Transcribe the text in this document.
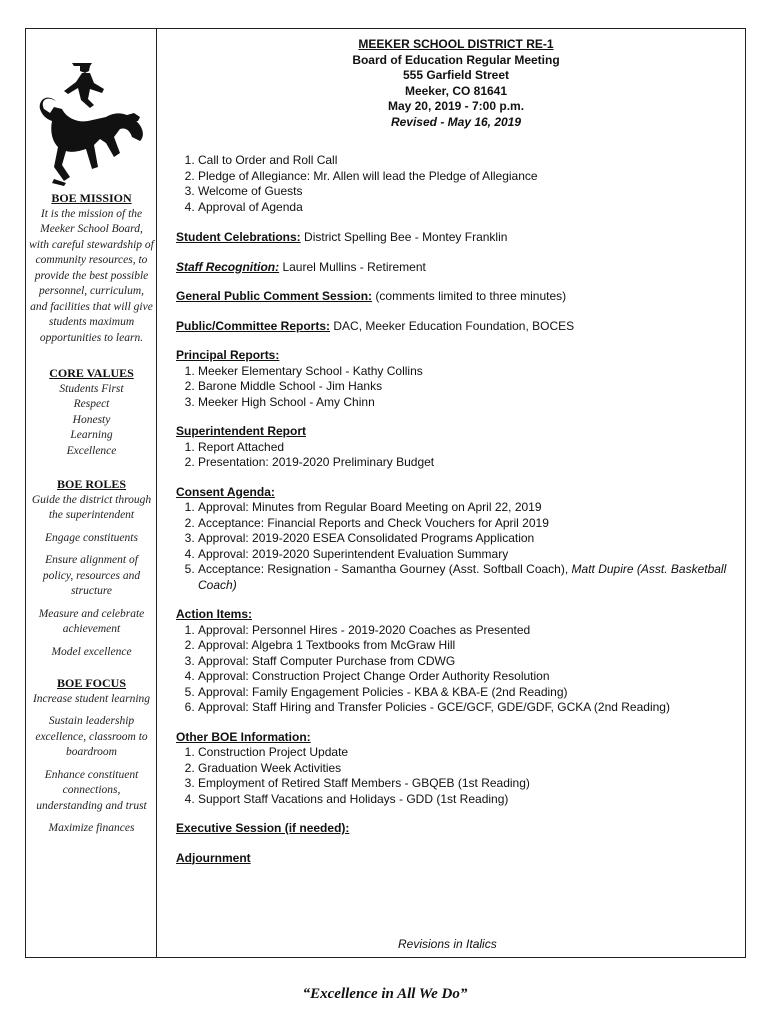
BOE MISSION
It is the mission of the Meeker School Board, with careful stewardship of community resources, to provide the best possible personnel, curriculum, and facilities that will give students maximum opportunities to learn.
CORE VALUES
Students First
Respect
Honesty
Learning
Excellence
BOE ROLES
Guide the district through the superintendent
Engage constituents
Ensure alignment of policy, resources and structure
Measure and celebrate achievement
Model excellence
BOE FOCUS
Increase student learning
Sustain leadership excellence, classroom to boardroom
Enhance constituent connections, understanding and trust
Maximize finances
MEEKER SCHOOL DISTRICT RE-1
Board of Education Regular Meeting
555 Garfield Street
Meeker, CO 81641
May 20, 2019 - 7:00 p.m.
Revised - May 16, 2019
1. Call to Order and Roll Call
2. Pledge of Allegiance: Mr. Allen will lead the Pledge of Allegiance
3. Welcome of Guests
4. Approval of Agenda
Student Celebrations: District Spelling Bee - Montey Franklin
Staff Recognition: Laurel Mullins - Retirement
General Public Comment Session: (comments limited to three minutes)
Public/Committee Reports: DAC, Meeker Education Foundation, BOCES
Principal Reports:
1. Meeker Elementary School - Kathy Collins
2. Barone Middle School - Jim Hanks
3. Meeker High School - Amy Chinn
Superintendent Report
1. Report Attached
2. Presentation: 2019-2020 Preliminary Budget
Consent Agenda:
1. Approval: Minutes from Regular Board Meeting on April 22, 2019
2. Acceptance: Financial Reports and Check Vouchers for April 2019
3. Approval: 2019-2020 ESEA Consolidated Programs Application
4. Approval: 2019-2020 Superintendent Evaluation Summary
5. Acceptance: Resignation - Samantha Gourney (Asst. Softball Coach), Matt Dupire (Asst. Basketball Coach)
Action Items:
1. Approval: Personnel Hires - 2019-2020 Coaches as Presented
2. Approval: Algebra 1 Textbooks from McGraw Hill
3. Approval: Staff Computer Purchase from CDWG
4. Approval: Construction Project Change Order Authority Resolution
5. Approval: Family Engagement Policies - KBA & KBA-E (2nd Reading)
6. Approval: Staff Hiring and Transfer Policies - GCE/GCF, GDE/GDF, GCKA (2nd Reading)
Other BOE Information:
1. Construction Project Update
2. Graduation Week Activities
3. Employment of Retired Staff Members - GBQEB (1st Reading)
4. Support Staff Vacations and Holidays - GDD (1st Reading)
Executive Session (if needed):
Adjournment
Revisions in Italics
“Excellence in All We Do”
